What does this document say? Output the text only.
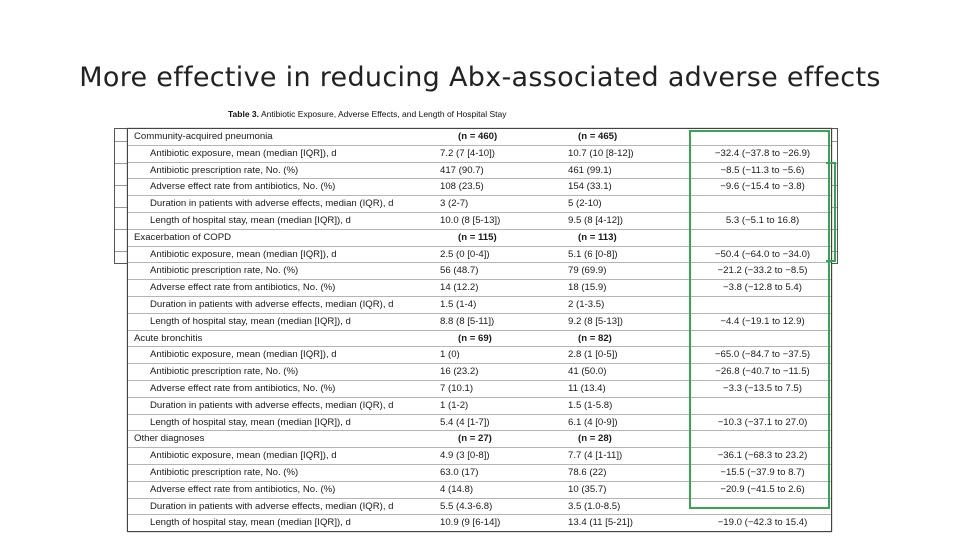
More effective in reducing Abx-associated adverse effects
Table 3. Antibiotic Exposure, Adverse Effects, and Length of Hospital Stay
Community-acquired pneumonia	(n = 460)	(n = 465)
Antibiotic exposure, mean (median [IQR]), d	7.2 (7 [4-10])	10.7 (10 [8-12])	−32.4 (−37.8 to −26.9)
Antibiotic prescription rate, No. (%)	417 (90.7)	461 (99.1)	−8.5 (−11.3 to −5.6)
Adverse effect rate from antibiotics, No. (%)	108 (23.5)	154 (33.1)	−9.6 (−15.4 to −3.8)
Duration in patients with adverse effects, median (IQR), d	3 (2-7)	5 (2-10)
Length of hospital stay, mean (median [IQR]), d	10.0 (8 [5-13])	9.5 (8 [4-12])	5.3 (−5.1 to 16.8)
Exacerbation of COPD	(n = 115)	(n = 113)
Antibiotic exposure, mean (median [IQR]), d	2.5 (0 [0-4])	5.1 (6 [0-8])	−50.4 (−64.0 to −34.0)
Antibiotic prescription rate, No. (%)	56 (48.7)	79 (69.9)	−21.2 (−33.2 to −8.5)
Adverse effect rate from antibiotics, No. (%)	14 (12.2)	18 (15.9)	−3.8 (−12.8 to 5.4)
Duration in patients with adverse effects, median (IQR), d	1.5 (1-4)	2 (1-3.5)
Length of hospital stay, mean (median [IQR]), d	8.8 (8 [5-11])	9.2 (8 [5-13])	−4.4 (−19.1 to 12.9)
Acute bronchitis	(n = 69)	(n = 82)
Antibiotic exposure, mean (median [IQR]), d	1 (0)	2.8 (1 [0-5])	−65.0 (−84.7 to −37.5)
Antibiotic prescription rate, No. (%)	16 (23.2)	41 (50.0)	−26.8 (−40.7 to −11.5)
Adverse effect rate from antibiotics, No. (%)	7 (10.1)	11 (13.4)	−3.3 (−13.5 to 7.5)
Duration in patients with adverse effects, median (IQR), d	1 (1-2)	1.5 (1-5.8)
Length of hospital stay, mean (median [IQR]), d	5.4 (4 [1-7])	6.1 (4 [0-9])	−10.3 (−37.1 to 27.0)
Other diagnoses	(n = 27)	(n = 28)
Antibiotic exposure, mean (median [IQR]), d	4.9 (3 [0-8])	7.7 (4 [1-11])	−36.1 (−68.3 to 23.2)
Antibiotic prescription rate, No. (%)	63.0 (17)	78.6 (22)	−15.5 (−37.9 to 8.7)
Adverse effect rate from antibiotics, No. (%)	4 (14.8)	10 (35.7)	−20.9 (−41.5 to 2.6)
Duration in patients with adverse effects, median (IQR), d	5.5 (4.3-6.8)	3.5 (1.0-8.5)
Length of hospital stay, mean (median [IQR]), d	10.9 (9 [6-14])	13.4 (11 [5-21])	−19.0 (−42.3 to 15.4)
